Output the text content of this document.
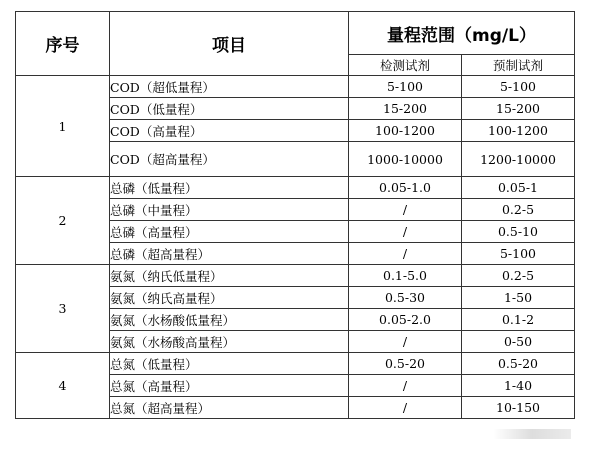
序号	项目	量程范围（mg/L）	
		检测试剂	预制试剂
1	COD（超低量程）	5-100	5-100
	COD（低量程）	15-200	15-200
	COD（高量程）	100-1200	100-1200
	COD（超高量程）	1000-10000	1200-10000
2	总磷（低量程）	0.05-1.0	0.05-1
	总磷（中量程）	/	0.2-5
	总磷（高量程）	/	0.5-10
	总磷（超高量程）	/	5-100
3	氨氮（纳氏低量程）	0.1-5.0	0.2-5
	氨氮（纳氏高量程）	0.5-30	1-50
	氨氮（水杨酸低量程）	0.05-2.0	0.1-2
	氨氮（水杨酸高量程）	/	0-50
4	总氮（低量程）	0.5-20	0.5-20
	总氮（高量程）	/	1-40
	总氮（超高量程）	/	10-150
